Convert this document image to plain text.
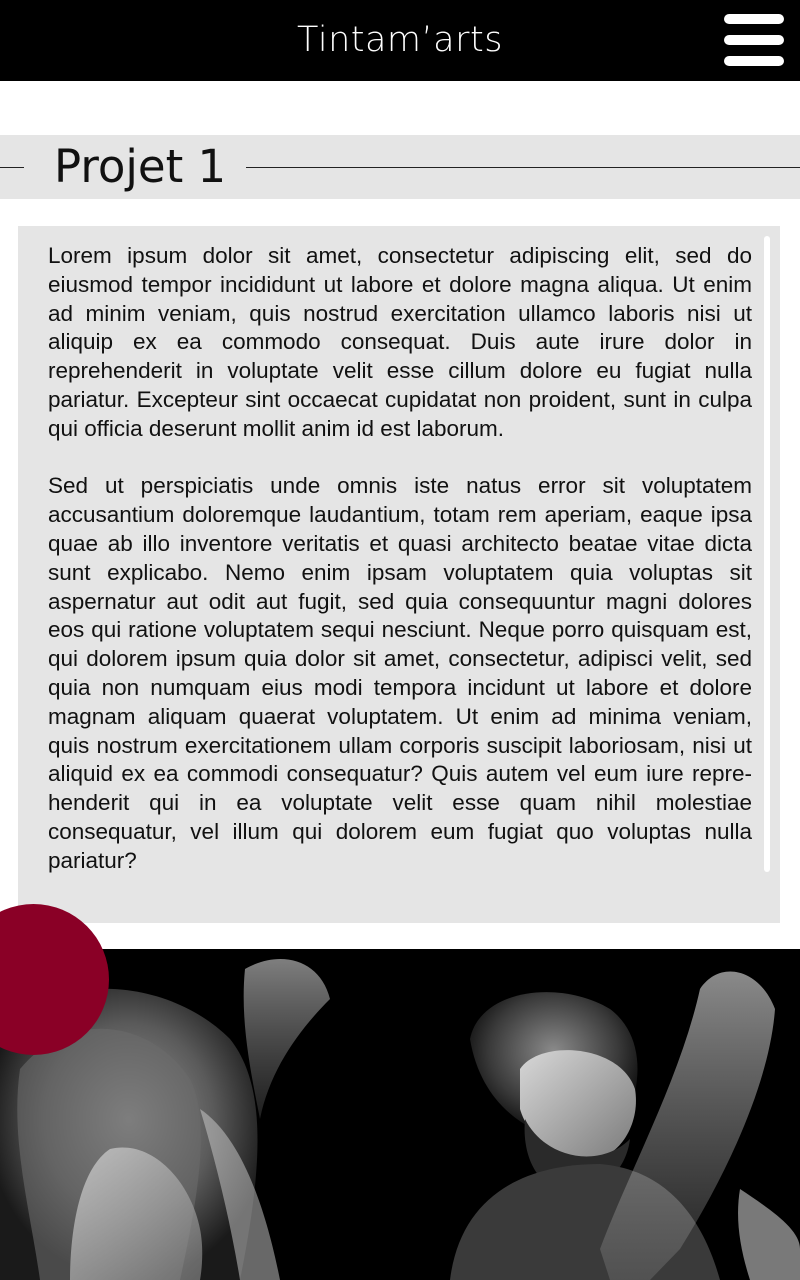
Tintam’arts
Projet 1

Lorem ipsum dolor sit amet, consectetur adipiscing elit, sed do eiusmod tempor incididunt ut labore et dolore magna aliqua. Ut enim ad minim veniam, quis nostrud exercitation ullamco laboris nisi ut aliquip ex ea commodo consequat. Duis aute irure dolor in reprehenderit in voluptate velit esse cillum dolore eu fugiat nulla pariatur. Excepteur sint occaecat cupidatat non proident, sunt in culpa qui officia deserunt mollit anim id est laborum.

Sed ut perspiciatis unde omnis iste natus error sit voluptatem accusantium doloremque laudantium, totam rem aperiam, eaque ipsa quae ab illo inventore veritatis et quasi architecto beatae vitae dicta sunt explicabo. Nemo enim ipsam voluptatem quia voluptas sit aspernatur aut odit aut fugit, sed quia consequuntur magni dolores eos qui ratione voluptatem sequi nesciunt. Neque porro quisquam est, qui dolorem ipsum quia dolor sit amet, consectetur, adipisci velit, sed quia non numquam eius modi tempora incidunt ut labore et dolore magnam aliquam quaerat voluptatem. Ut enim ad minima veniam, quis nostrum exercitationem ullam corporis suscipit laboriosam, nisi ut aliquid ex ea commodi consequatur? Quis autem vel eum iure reprehenderit qui in ea voluptate velit esse quam nihil molestiae consequatur, vel illum qui dolorem eum fugiat quo voluptas nulla pariatur?
